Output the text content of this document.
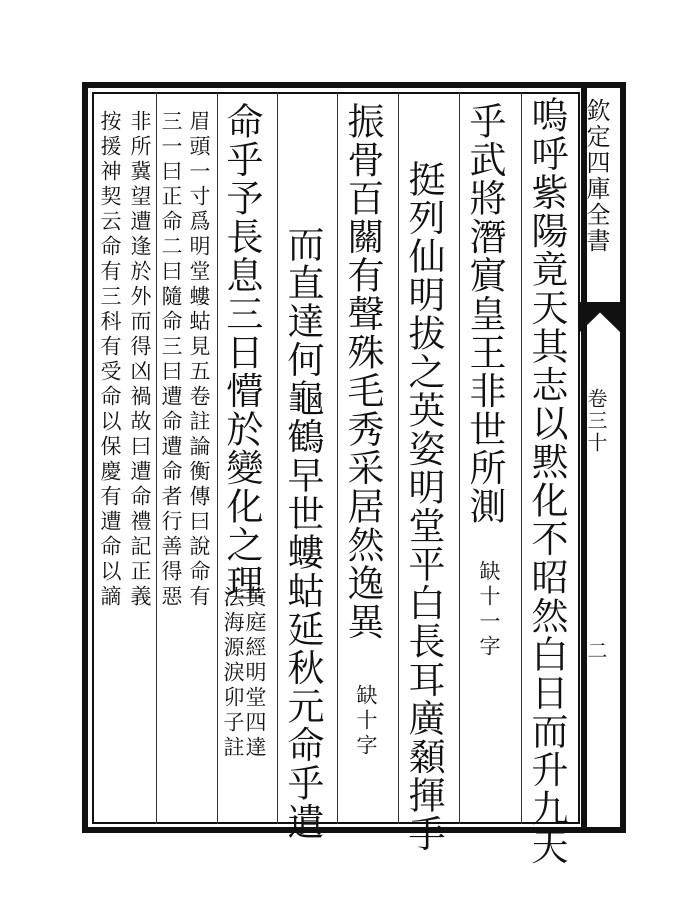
欽定四庫全書
卷三十
二
嗚呼紫陽竟天其志以黙化不昭然白日而升九天
乎武將潛賔皇王非世所測
缺十一字
挺列仙明拔之英姿明堂平白長耳廣顙揮手
振骨百關有聲殊毛秀采居然逸異
缺十字
而直達何龜鶴早世螻蛄延秋元命乎遺
命乎予長息三日懵於變化之理
黄庭經明堂四達
法海源淚卯子註
眉頭一寸爲明堂螻蛄見五卷註論衡傳曰說命有
三一曰正命二曰隨命三曰遭命遭命者行善得惡
非所冀望遭逢於外而得凶禍故曰遭命禮記正義
按援神契云命有三科有受命以保慶有遭命以謫
